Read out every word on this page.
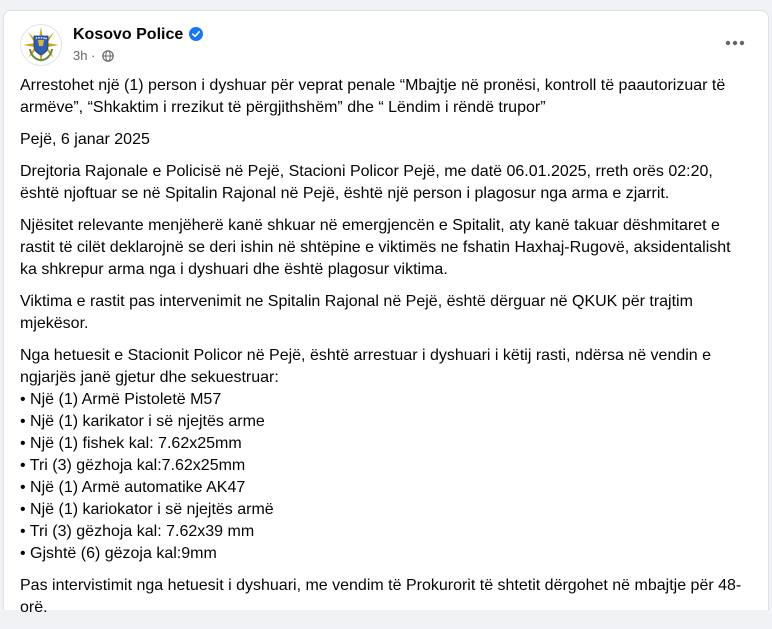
Kosovo Police
3h ·

Arrestohet një (1) person i dyshuar për veprat penale “Mbajtje në pronësi, kontroll të paautorizuar të armëve”, “Shkaktim i rrezikut të përgjithshëm” dhe “ Lëndim i rëndë trupor”

Pejë, 6 janar 2025

Drejtoria Rajonale e Policisë në Pejë, Stacioni Policor Pejë, me datë 06.01.2025, rreth orës 02:20, është njoftuar se në Spitalin Rajonal në Pejë, është një person i plagosur nga arma e zjarrit.

Njësitet relevante menjëherë kanë shkuar në emergjencën e Spitalit, aty kanë takuar dëshmitaret e rastit të cilët deklarojnë se deri ishin në shtëpine e viktimës ne fshatin Haxhaj-Rugovë, aksidentalisht ka shkrepur arma nga i dyshuari dhe është plagosur viktima.

Viktima e rastit pas intervenimit ne Spitalin Rajonal në Pejë, është dërguar në QKUK për trajtim mjekësor.

Nga hetuesit e Stacionit Policor në Pejë, është arrestuar i dyshuari i këtij rasti, ndërsa në vendin e ngjarjës janë gjetur dhe sekuestruar:
• Një (1) Armë Pistoletë M57
• Një (1) karikator i së njejtës arme
• Një (1) fishek kal: 7.62x25mm
• Tri (3) gëzhoja kal:7.62x25mm
• Një (1) Armë automatike AK47
• Një (1) kariokator i së njejtës armë
• Tri (3) gëzhoja kal: 7.62x39 mm
• Gjshtë (6) gëzoja kal:9mm

Pas intervistimit nga hetuesit i dyshuari, me vendim të Prokurorit të shtetit dërgohet në mbajtje për 48- orë.
